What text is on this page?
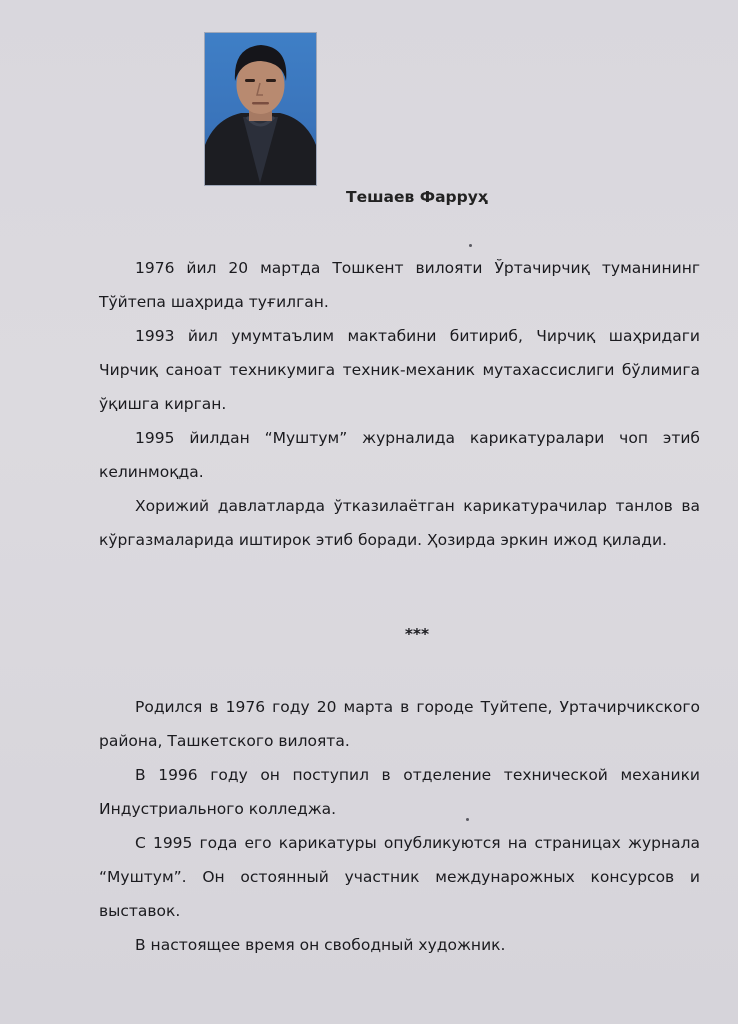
Тешаев Фарруҳ

1976 йил 20 мартда Тошкент вилояти Ўртачирчиқ туманининг Тўйтепа шаҳрида туғилган.

1993 йил умумтаълим мактабини битириб, Чирчиқ шаҳридаги Чирчиқ саноат техникумига техник-механик мутахассислиги бўлимига ўқишга кирган.

1995 йилдан “Муштум” журналида карикатуралари чоп этиб келинмоқда.

Хорижий давлатларда ўтказилаётган карикатурачилар танлов ва кўргазмаларида иштирок этиб боради. Ҳозирда эркин ижод қилади.

***

Родился в 1976 году 20 марта в городе Туйтепе, Уртачирчикского района, Ташкетского вилоята.

В 1996 году он поступил в отделение технической механики Индустриального колледжа.

С 1995 года его карикатуры опубликуются на страницах журнала “Муштум”. Он остоянный участник междунарожных консурсов и выставок.

В настоящее время он свободный художник.
